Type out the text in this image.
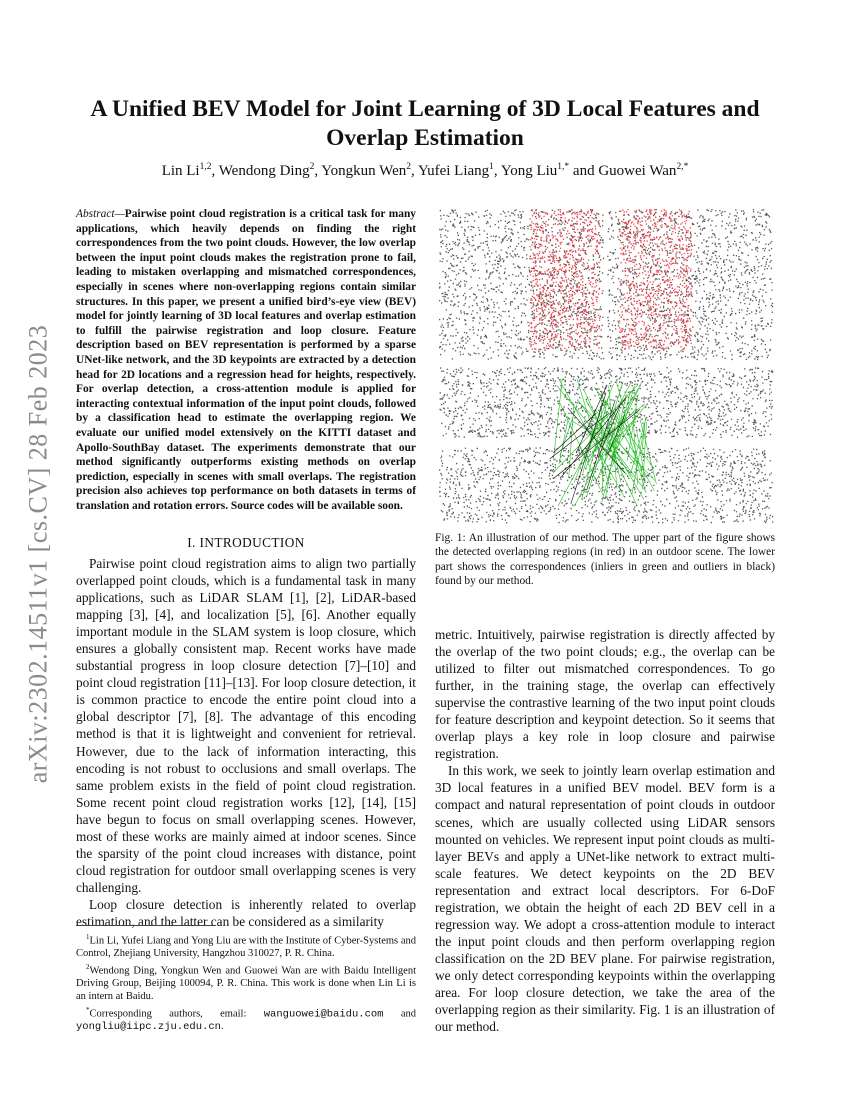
arXiv:2302.14511v1 [cs.CV] 28 Feb 2023
A Unified BEV Model for Joint Learning of 3D Local Features and
Overlap Estimation

Lin Li$^{1,2}$, Wendong Ding$^2$, Yongkun Wen$^2$, Yufei Liang$^1$, Yong Liu$^{1,*}$ and Guowei Wan$^{2,*}$

Abstract—Pairwise point cloud registration is a critical task for many applications, which heavily depends on finding the right correspondences from the two point clouds. However, the low overlap between the input point clouds makes the registration prone to fail, leading to mistaken overlapping and mismatched correspondences, especially in scenes where non-overlapping regions contain similar structures. In this paper, we present a unified bird’s-eye view (BEV) model for jointly learning of 3D local features and overlap estimation to fulfill the pairwise registration and loop closure. Feature description based on BEV representation is performed by a sparse UNet-like network, and the 3D keypoints are extracted by a detection head for 2D locations and a regression head for heights, respectively. For overlap detection, a cross-attention module is applied for interacting contextual information of the input point clouds, followed by a classification head to estimate the overlapping region. We evaluate our unified model extensively on the KITTI dataset and Apollo-SouthBay dataset. The experiments demonstrate that our method significantly outperforms existing methods on overlap prediction, especially in scenes with small overlaps. The registration precision also achieves top performance on both datasets in terms of translation and rotation errors. Source codes will be available soon.
I. INTRODUCTION

Pairwise point cloud registration aims to align two partially overlapped point clouds, which is a fundamental task in many applications, such as LiDAR SLAM [1], [2], LiDAR-based mapping [3], [4], and localization [5], [6]. Another equally important module in the SLAM system is loop closure, which ensures a globally consistent map. Recent works have made substantial progress in loop closure detection [7]–[10] and point cloud registration [11]–[13]. For loop closure detection, it is common practice to encode the entire point cloud into a global descriptor [7], [8]. The advantage of this encoding method is that it is lightweight and convenient for retrieval. However, due to the lack of information interacting, this encoding is not robust to occlusions and small overlaps. The same problem exists in the field of point cloud registration. Some recent point cloud registration works [12], [14], [15] have begun to focus on small overlapping scenes. However, most of these works are mainly aimed at indoor scenes. Since the sparsity of the point cloud increases with distance, point cloud registration for outdoor small overlapping scenes is very challenging.

Loop closure detection is inherently related to overlap estimation, and the latter can be considered as a similarity

$^1$Lin Li, Yufei Liang and Yong Liu are with the Institute of Cyber-Systems and Control, Zhejiang University, Hangzhou 310027, P. R. China.

$^2$Wendong Ding, Yongkun Wen and Guowei Wan are with Baidu Intelligent Driving Group, Beijing 100094, P. R. China. This work is done when Lin Li is an intern at Baidu.

*Corresponding authors, email: wanguowei@baidu.com and yongliu@iipc.zju.edu.cn.

Fig. 1: An illustration of our method. The upper part of the figure shows the detected overlapping regions (in red) in an outdoor scene. The lower part shows the correspondences (inliers in green and outliers in black) found by our method.

metric. Intuitively, pairwise registration is directly affected by the overlap of the two point clouds; e.g., the overlap can be utilized to filter out mismatched correspondences. To go further, in the training stage, the overlap can effectively supervise the contrastive learning of the two input point clouds for feature description and keypoint detection. So it seems that overlap plays a key role in loop closure and pairwise registration.

In this work, we seek to jointly learn overlap estimation and 3D local features in a unified BEV model. BEV form is a compact and natural representation of point clouds in outdoor scenes, which are usually collected using LiDAR sensors mounted on vehicles. We represent input point clouds as multi-layer BEVs and apply a UNet-like network to extract multi-scale features. We detect keypoints on the 2D BEV representation and extract local descriptors. For 6-DoF registration, we obtain the height of each 2D BEV cell in a regression way. We adopt a cross-attention module to interact the input point clouds and then perform overlapping region classification on the 2D BEV plane. For pairwise registration, we only detect corresponding keypoints within the overlapping area. For loop closure detection, we take the area of the overlapping region as their similarity. Fig. 1 is an illustration of our method.
